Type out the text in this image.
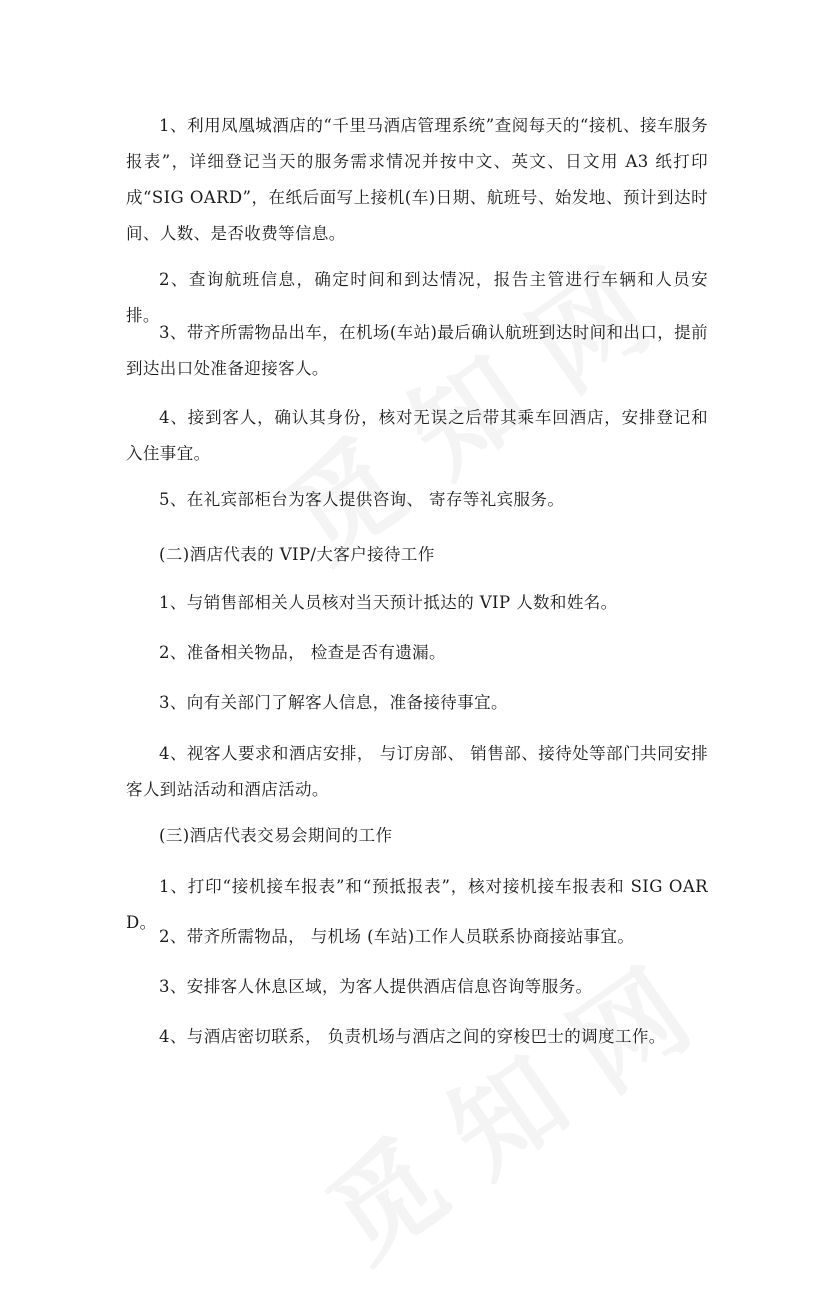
1、利用凤凰城酒店的“千里马酒店管理系统”查阅每天的“接机、接车服务报表”，详细登记当天的服务需求情况并按中文、英文、日文用 A3 纸打印成“SIG OARD”，在纸后面写上接机(车)日期、航班号、始发地、预计到达时间、人数、是否收费等信息。

2、查询航班信息，确定时间和到达情况，报告主管进行车辆和人员安排。

3、带齐所需物品出车，在机场(车站)最后确认航班到达时间和出口，提前到达出口处准备迎接客人。

4、接到客人，确认其身份，核对无误之后带其乘车回酒店，安排登记和入住事宜。

5、在礼宾部柜台为客人提供咨询、 寄存等礼宾服务。

(二)酒店代表的 VIP/大客户接待工作

1、与销售部相关人员核对当天预计抵达的 VIP 人数和姓名。

2、准备相关物品， 检查是否有遗漏。

3、向有关部门了解客人信息，准备接待事宜。

4、视客人要求和酒店安排， 与订房部、 销售部、接待处等部门共同安排客人到站活动和酒店活动。

(三)酒店代表交易会期间的工作

1、打印“接机接车报表”和“预抵报表”，核对接机接车报表和 SIG OARD。

2、带齐所需物品， 与机场 (车站)工作人员联系协商接站事宜。

3、安排客人休息区域，为客人提供酒店信息咨询等服务。

4、与酒店密切联系， 负责机场与酒店之间的穿梭巴士的调度工作。
